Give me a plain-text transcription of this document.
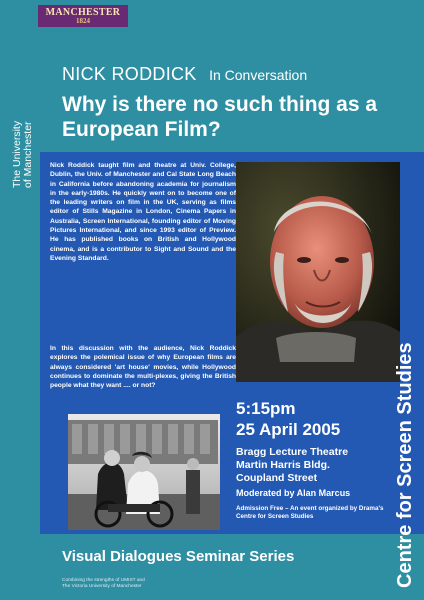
MANCHESTER
1824
The University of Manchester
NICK RODDICK In Conversation
Why is there no such thing as a European Film?

Nick Roddick taught film and theatre at Univ. College, Dublin, the Univ. of Manchester and Cal State Long Beach in California before abandoning academia for journalism in the early-1980s. He quickly went on to become one of the leading writers on film in the UK, serving as films editor of Stills Magazine in London, Cinema Papers in Australia, Screen International, founding editor of Moving Pictures International, and since 1993 editor of Preview. He has published books on British and Hollywood cinema, and is a contributor to Sight and Sound and the Evening Standard.

In this discussion with the audience, Nick Roddick explores the polemical issue of why European films are always considered 'art house' movies, while Hollywood continues to dominate the multi-plexes, giving the British people what they want .... or not?

5:15pm
25 April 2005
Bragg Lecture Theatre
Martin Harris Bldg.
Coupland Street
Moderated by Alan Marcus
Admission Free – An event organized by Drama's Centre for Screen Studies	Centre for Screen Studies
Visual Dialogues Seminar Series
Combining the strengths of UMIST and
The Victoria University of Manchester
